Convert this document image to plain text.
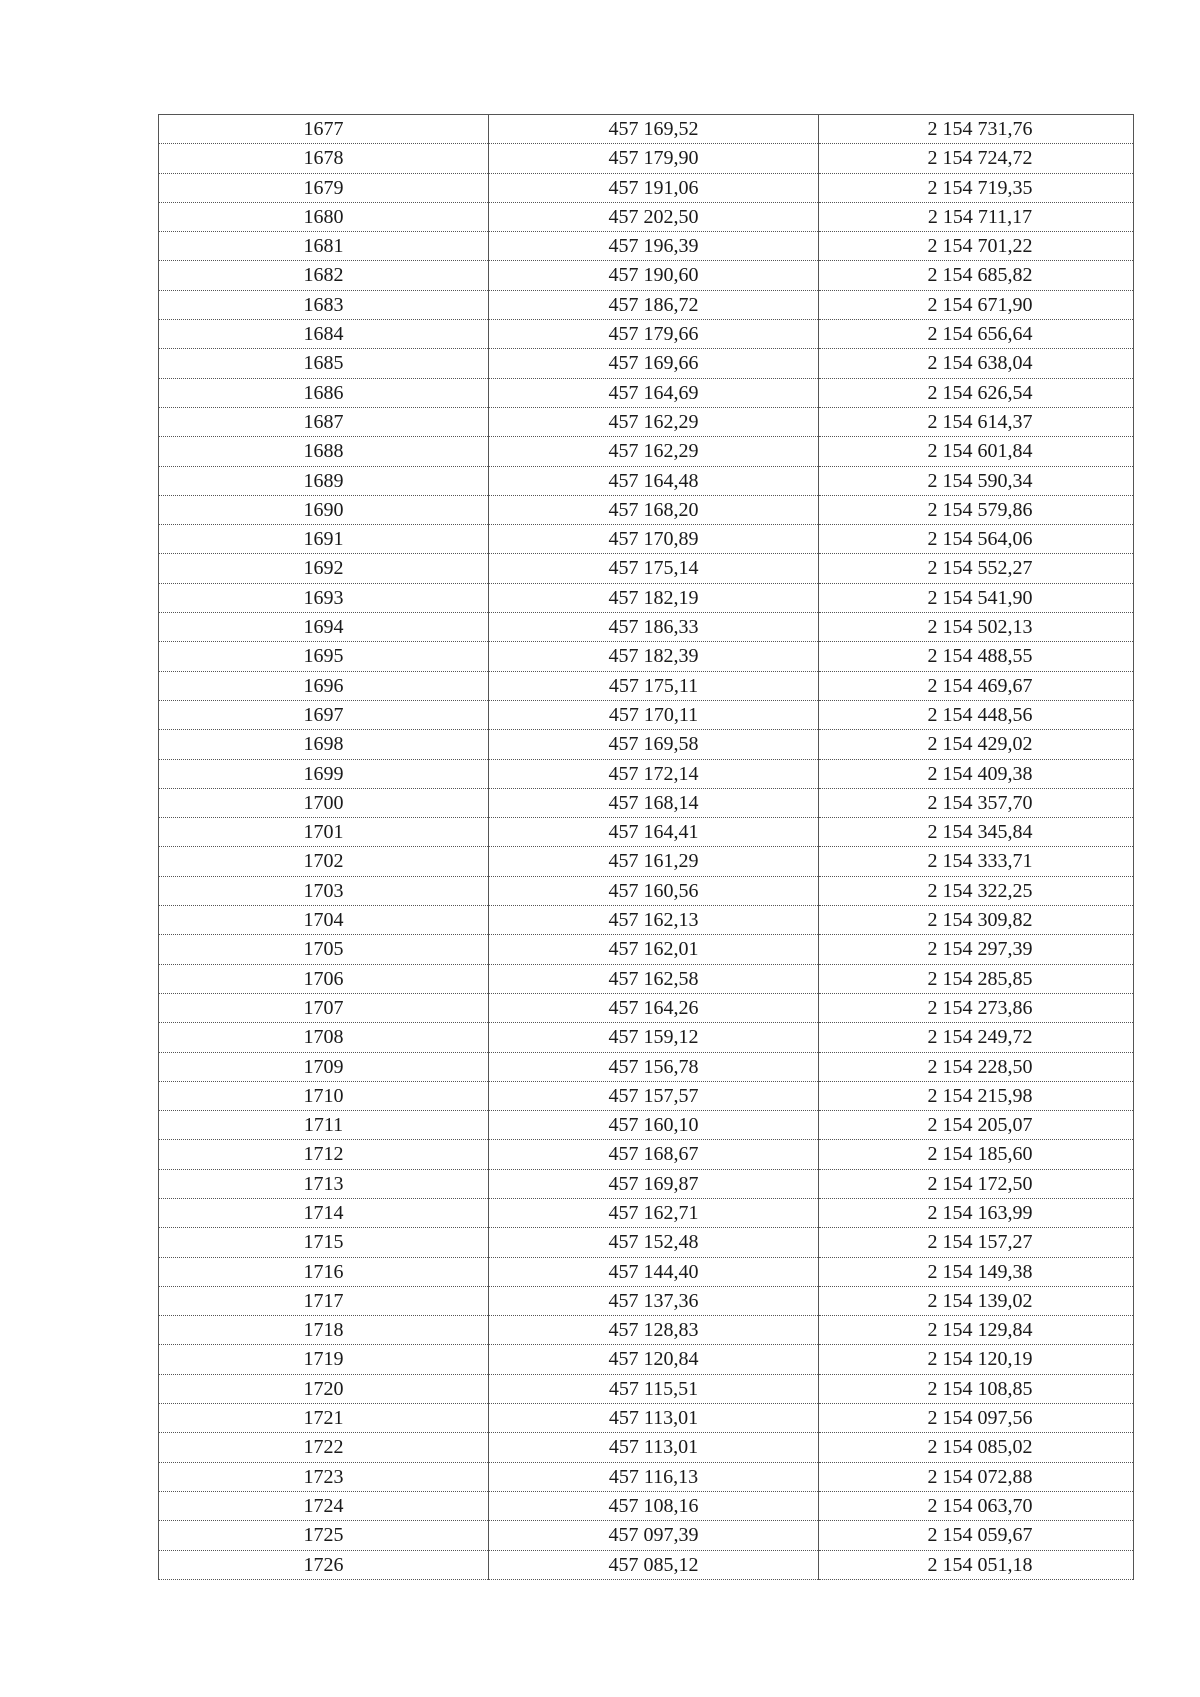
1677	457 169,52	2 154 731,76
1678	457 179,90	2 154 724,72
1679	457 191,06	2 154 719,35
1680	457 202,50	2 154 711,17
1681	457 196,39	2 154 701,22
1682	457 190,60	2 154 685,82
1683	457 186,72	2 154 671,90
1684	457 179,66	2 154 656,64
1685	457 169,66	2 154 638,04
1686	457 164,69	2 154 626,54
1687	457 162,29	2 154 614,37
1688	457 162,29	2 154 601,84
1689	457 164,48	2 154 590,34
1690	457 168,20	2 154 579,86
1691	457 170,89	2 154 564,06
1692	457 175,14	2 154 552,27
1693	457 182,19	2 154 541,90
1694	457 186,33	2 154 502,13
1695	457 182,39	2 154 488,55
1696	457 175,11	2 154 469,67
1697	457 170,11	2 154 448,56
1698	457 169,58	2 154 429,02
1699	457 172,14	2 154 409,38
1700	457 168,14	2 154 357,70
1701	457 164,41	2 154 345,84
1702	457 161,29	2 154 333,71
1703	457 160,56	2 154 322,25
1704	457 162,13	2 154 309,82
1705	457 162,01	2 154 297,39
1706	457 162,58	2 154 285,85
1707	457 164,26	2 154 273,86
1708	457 159,12	2 154 249,72
1709	457 156,78	2 154 228,50
1710	457 157,57	2 154 215,98
1711	457 160,10	2 154 205,07
1712	457 168,67	2 154 185,60
1713	457 169,87	2 154 172,50
1714	457 162,71	2 154 163,99
1715	457 152,48	2 154 157,27
1716	457 144,40	2 154 149,38
1717	457 137,36	2 154 139,02
1718	457 128,83	2 154 129,84
1719	457 120,84	2 154 120,19
1720	457 115,51	2 154 108,85
1721	457 113,01	2 154 097,56
1722	457 113,01	2 154 085,02
1723	457 116,13	2 154 072,88
1724	457 108,16	2 154 063,70
1725	457 097,39	2 154 059,67
1726	457 085,12	2 154 051,18
